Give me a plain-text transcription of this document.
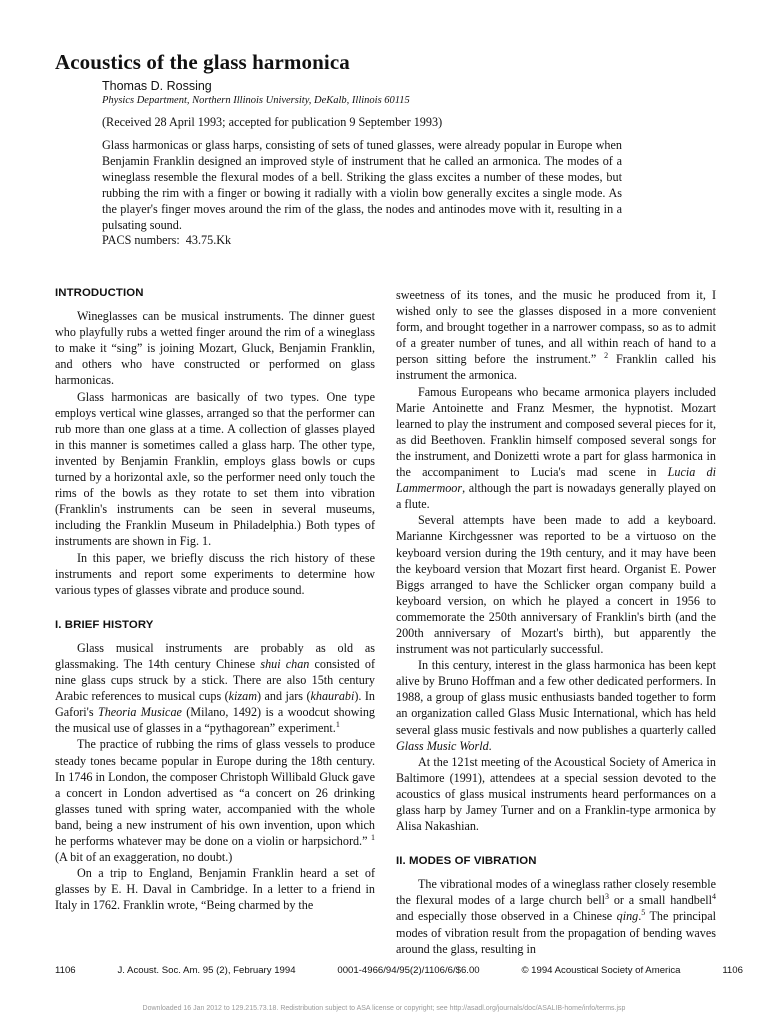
Acoustics of the glass harmonica
Thomas D. Rossing
Physics Department, Northern Illinois University, DeKalb, Illinois 60115
(Received 28 April 1993; accepted for publication 9 September 1993)
Glass harmonicas or glass harps, consisting of sets of tuned glasses, were already popular in Europe when Benjamin Franklin designed an improved style of instrument that he called an armonica. The modes of a wineglass resemble the flexural modes of a bell. Striking the glass excites a number of these modes, but rubbing the rim with a finger or bowing it radially with a violin bow generally excites a single mode. As the player's finger moves around the rim of the glass, the nodes and antinodes move with it, resulting in a pulsating sound.
PACS numbers: 43.75.Kk
INTRODUCTION

Wineglasses can be musical instruments. The dinner guest who playfully rubs a wetted finger around the rim of a wineglass to make it “sing” is joining Mozart, Gluck, Benjamin Franklin, and others who have constructed or performed on glass harmonicas.

Glass harmonicas are basically of two types. One type employs vertical wine glasses, arranged so that the performer can rub more than one glass at a time. A collection of glasses played in this manner is sometimes called a glass harp. The other type, invented by Benjamin Franklin, employs glass bowls or cups turned by a horizontal axle, so the performer need only touch the rims of the bowls as they rotate to set them into vibration (Franklin's instruments can be seen in several museums, including the Franklin Museum in Philadelphia.) Both types of instruments are shown in Fig. 1.

In this paper, we briefly discuss the rich history of these instruments and report some experiments to determine how various types of glasses vibrate and produce sound.

I. BRIEF HISTORY

Glass musical instruments are probably as old as glassmaking. The 14th century Chinese shui chan consisted of nine glass cups struck by a stick. There are also 15th century Arabic references to musical cups (kizam) and jars (khaurabi). In Gafori's Theoria Musicae (Milano, 1492) is a woodcut showing the musical use of glasses in a “pythagorean” experiment.$^1$

The practice of rubbing the rims of glass vessels to produce steady tones became popular in Europe during the 18th century. In 1746 in London, the composer Christoph Willibald Gluck gave a concert in London advertised as “a concert on 26 drinking glasses tuned with spring water, accompanied with the whole band, being a new instrument of his own invention, upon which he performs whatever may be done on a violin or harpsichord.” $^1$ (A bit of an exaggeration, no doubt.)

On a trip to England, Benjamin Franklin heard a set of glasses by E. H. Daval in Cambridge. In a letter to a friend in Italy in 1762. Franklin wrote, “Being charmed by the

sweetness of its tones, and the music he produced from it, I wished only to see the glasses disposed in a more convenient form, and brought together in a narrower compass, so as to admit of a greater number of tunes, and all within reach of hand to a person sitting before the instrument.” $^2$ Franklin called his instrument the armonica.

Famous Europeans who became armonica players included Marie Antoinette and Franz Mesmer, the hypnotist. Mozart learned to play the instrument and composed several pieces for it, as did Beethoven. Franklin himself composed several songs for the instrument, and Donizetti wrote a part for glass harmonica in the accompaniment to Lucia's mad scene in Lucia di Lammermoor, although the part is nowadays generally played on a flute.

Several attempts have been made to add a keyboard. Marianne Kirchgessner was reported to be a virtuoso on the keyboard version during the 19th century, and it may have been the keyboard version that Mozart first heard. Organist E. Power Biggs arranged to have the Schlicker organ company build a keyboard version, on which he played a concert in 1956 to commemorate the 250th anniversary of Franklin's birth (and the 200th anniversary of Mozart's birth), but apparently the instrument was not particularly successful.

In this century, interest in the glass harmonica has been kept alive by Bruno Hoffman and a few other dedicated performers. In 1988, a group of glass music enthusiasts banded together to form an organization called Glass Music International, which has held several glass music festivals and now publishes a quarterly called Glass Music World.

At the 121st meeting of the Acoustical Society of America in Baltimore (1991), attendees at a special session devoted to the acoustics of glass musical instruments heard performances on a glass harp by Jamey Turner and on a Franklin-type armonica by Alisa Nakashian.

II. MODES OF VIBRATION

The vibrational modes of a wineglass rather closely resemble the flexural modes of a large church bell$^3$ or a small handbell$^4$ and especially those observed in a Chinese qing.$^5$ The principal modes of vibration result from the propagation of bending waves around the glass, resulting in

1106	J. Acoust. Soc. Am. 95 (2), February 1994	0001-4966/94/95(2)/1106/6/$6.00	© 1994 Acoustical Society of America	1106
Downloaded 16 Jan 2012 to 129.215.73.18. Redistribution subject to ASA license or copyright; see http://asadl.org/journals/doc/ASALIB-home/info/terms.jsp
